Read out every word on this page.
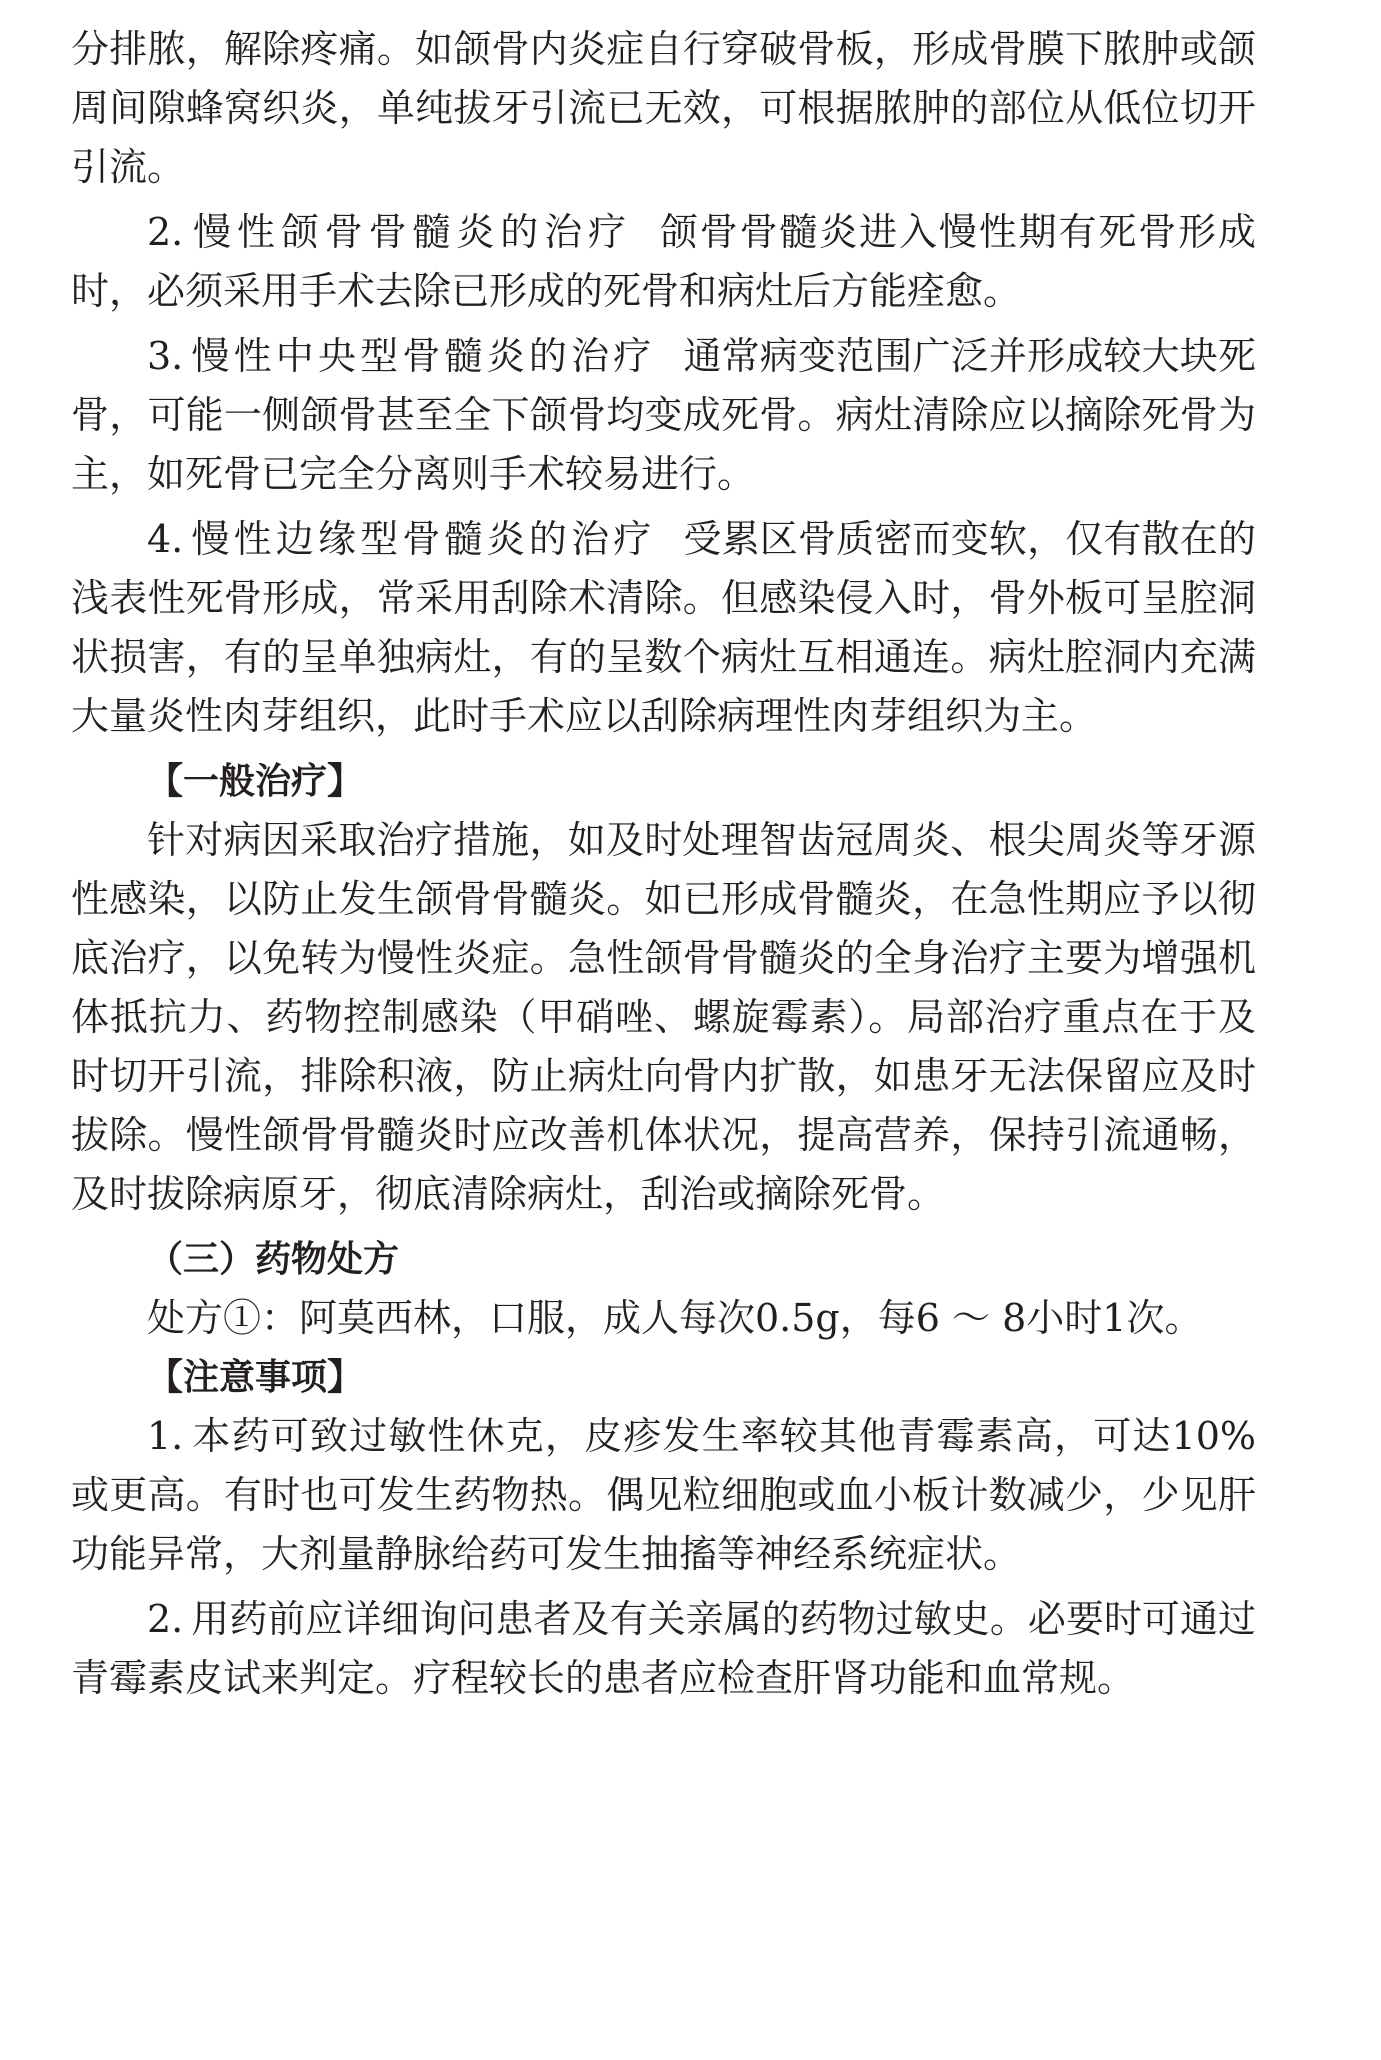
分排脓，解除疼痛。如颌骨内炎症自行穿破骨板，形成骨膜下脓肿或颌周间隙蜂窝织炎，单纯拔牙引流已无效，可根据脓肿的部位从低位切开引流。

2. 慢性颌骨骨髓炎的治疗 颌骨骨髓炎进入慢性期有死骨形成时，必须采用手术去除已形成的死骨和病灶后方能痊愈。

3. 慢性中央型骨髓炎的治疗 通常病变范围广泛并形成较大块死骨，可能一侧颌骨甚至全下颌骨均变成死骨。病灶清除应以摘除死骨为主，如死骨已完全分离则手术较易进行。

4. 慢性边缘型骨髓炎的治疗 受累区骨质密而变软，仅有散在的浅表性死骨形成，常采用刮除术清除。但感染侵入时，骨外板可呈腔洞状损害，有的呈单独病灶，有的呈数个病灶互相通连。病灶腔洞内充满大量炎性肉芽组织，此时手术应以刮除病理性肉芽组织为主。

【一般治疗】

针对病因采取治疗措施，如及时处理智齿冠周炎、根尖周炎等牙源性感染，以防止发生颌骨骨髓炎。如已形成骨髓炎，在急性期应予以彻底治疗，以免转为慢性炎症。急性颌骨骨髓炎的全身治疗主要为增强机体抵抗力、药物控制感染（甲硝唑、螺旋霉素）。局部治疗重点在于及时切开引流，排除积液，防止病灶向骨内扩散，如患牙无法保留应及时拔除。慢性颌骨骨髓炎时应改善机体状况，提高营养，保持引流通畅，及时拔除病原牙，彻底清除病灶，刮治或摘除死骨。

（三）药物处方

处方①：阿莫西林，口服，成人每次0.5g，每6 ～ 8小时1次。

【注意事项】

1. 本药可致过敏性休克，皮疹发生率较其他青霉素高，可达10%或更高。有时也可发生药物热。偶见粒细胞或血小板计数减少，少见肝功能异常，大剂量静脉给药可发生抽搐等神经系统症状。

2. 用药前应详细询问患者及有关亲属的药物过敏史。必要时可通过青霉素皮试来判定。疗程较长的患者应检查肝肾功能和血常规。
